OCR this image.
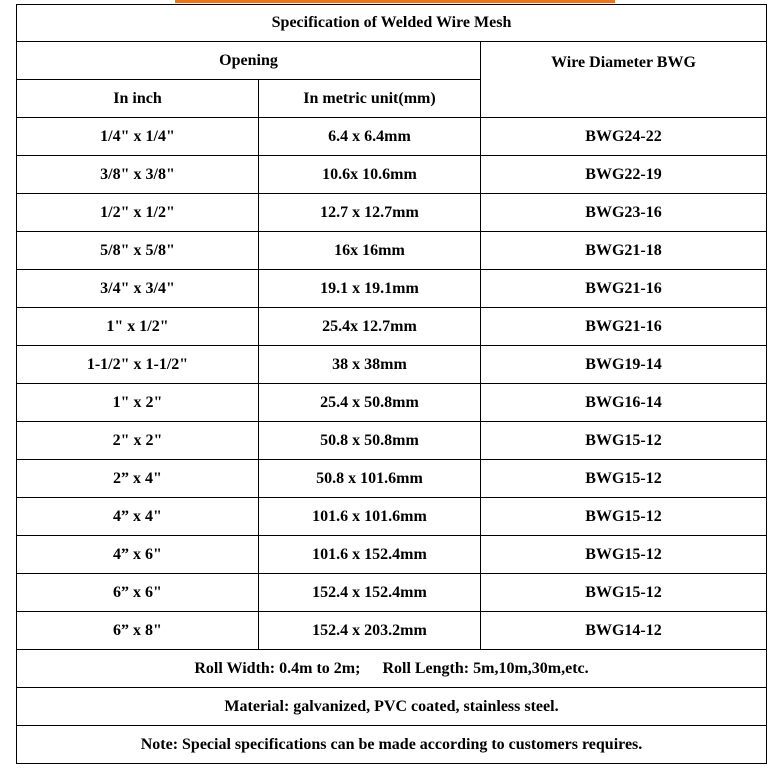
Specification of Welded Wire Mesh		
Opening		Wire Diameter BWG
In inch	In metric unit(mm)	
1/4" x 1/4"	6.4 x 6.4mm	BWG24-22
3/8" x 3/8"	10.6x 10.6mm	BWG22-19
1/2" x 1/2"	12.7 x 12.7mm	BWG23-16
5/8" x 5/8"	16x 16mm	BWG21-18
3/4" x 3/4"	19.1 x 19.1mm	BWG21-16
1" x 1/2"	25.4x 12.7mm	BWG21-16
1-1/2" x 1-1/2"	38 x 38mm	BWG19-14
1" x 2"	25.4 x 50.8mm	BWG16-14
2" x 2"	50.8 x 50.8mm	BWG15-12
2” x 4"	50.8 x 101.6mm	BWG15-12
4” x 4"	101.6 x 101.6mm	BWG15-12
4” x 6"	101.6 x 152.4mm	BWG15-12
6” x 6"	152.4 x 152.4mm	BWG15-12
6” x 8"	152.4 x 203.2mm	BWG14-12
Roll Width: 0.4m to 2m; Roll Length: 5m,10m,30m,etc.		
Material: galvanized, PVC coated, stainless steel.		
Note: Special specifications can be made according to customers requires.		
